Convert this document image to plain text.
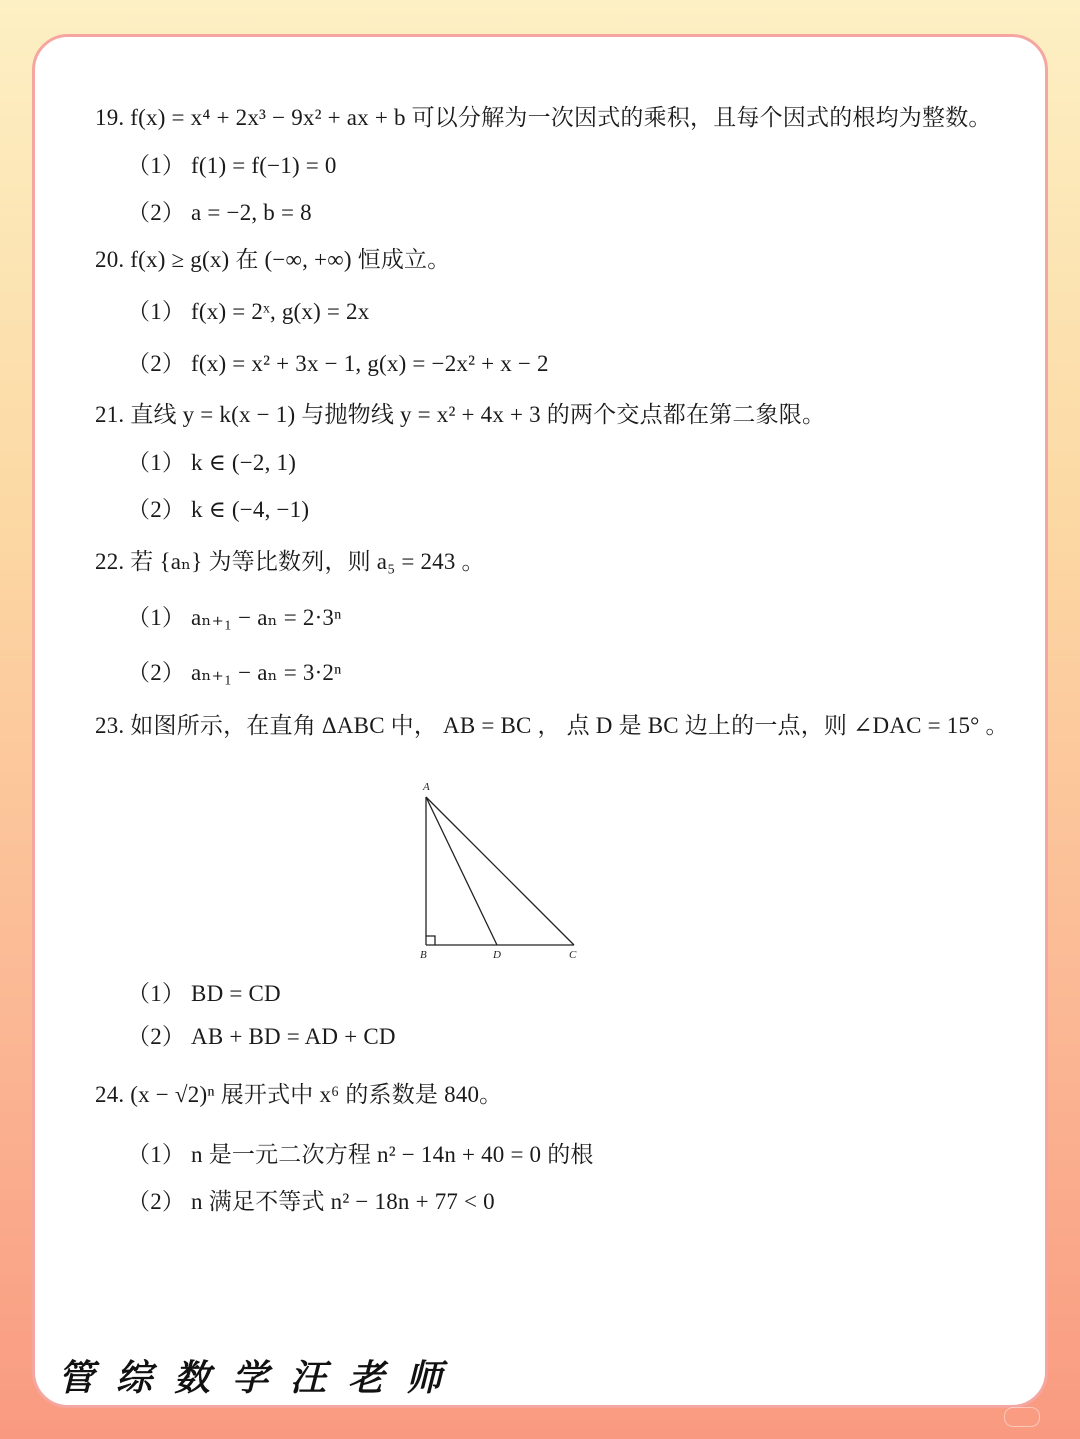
19. f(x) = x⁴ + 2x³ − 9x² + ax + b 可以分解为一次因式的乘积，且每个因式的根均为整数。

（1） f(1) = f(−1) = 0

（2） a = −2, b = 8

20. f(x) ≥ g(x) 在 (−∞, +∞) 恒成立。

（1） f(x) = 2ˣ, g(x) = 2x

（2） f(x) = x² + 3x − 1, g(x) = −2x² + x − 2

21. 直线 y = k(x − 1) 与抛物线 y = x² + 4x + 3 的两个交点都在第二象限。

（1） k ∈ (−2, 1)

（2） k ∈ (−4, −1)

22. 若 {aₙ} 为等比数列，则 a₅ = 243 。

（1） aₙ₊₁ − aₙ = 2·3ⁿ

（2） aₙ₊₁ − aₙ = 3·2ⁿ

23. 如图所示，在直角 ΔABC 中， AB = BC ， 点 D 是 BC 边上的一点，则 ∠DAC = 15° 。

A
B	D	C

（1） BD = CD

（2） AB + BD = AD + CD

24. (x − √2)ⁿ 展开式中 x⁶ 的系数是 840。

（1） n 是一元二次方程 n² − 14n + 40 = 0 的根

（2） n 满足不等式 n² − 18n + 77 < 0

管综数学汪老师
